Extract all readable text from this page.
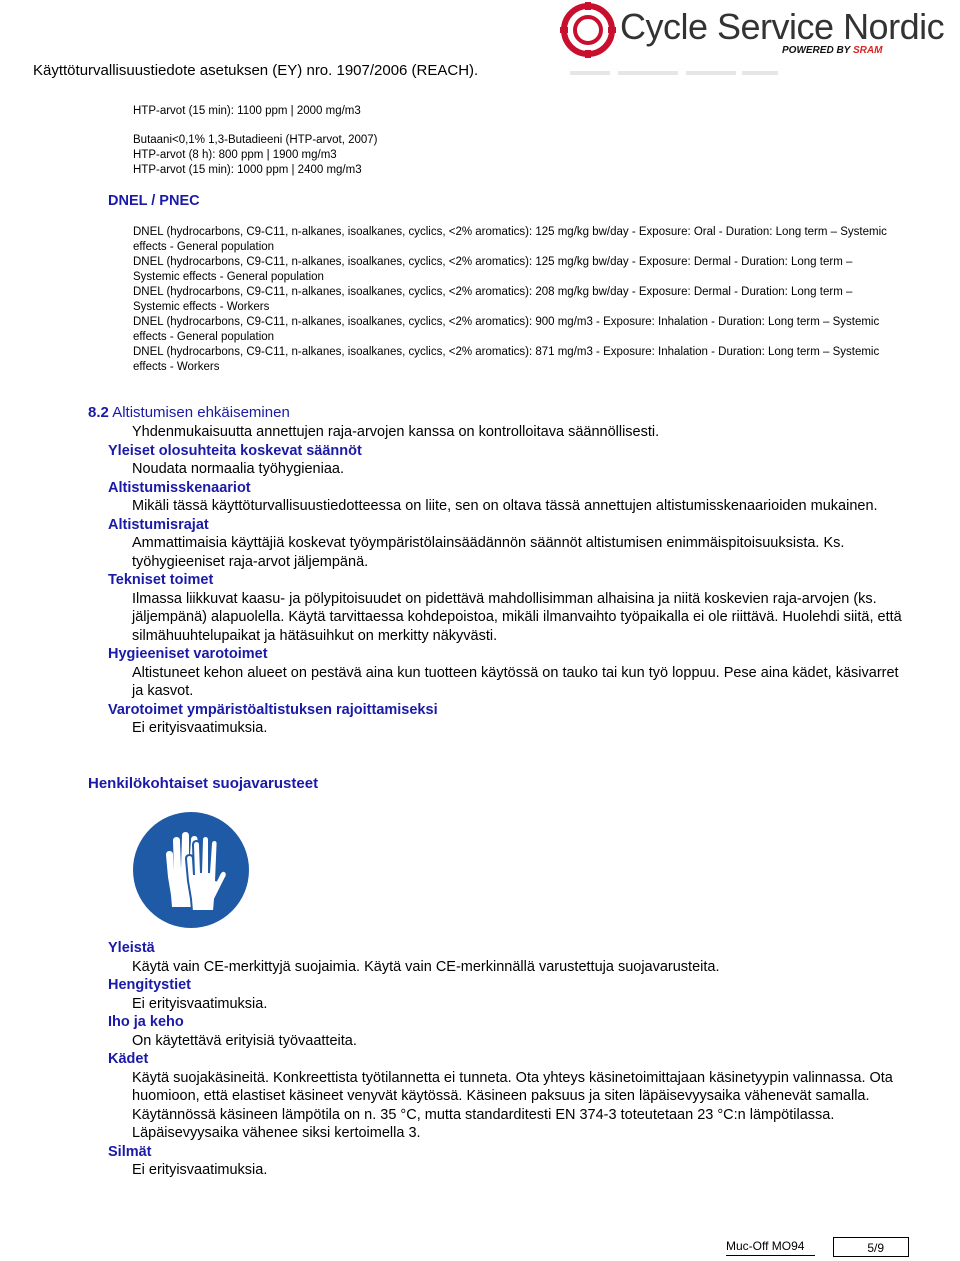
Käyttöturvallisuustiedote asetuksen (EY) nro. 1907/2006 (REACH).
Cycle Service Nordic
POWERED BY SRAM
HTP-arvot (15 min): 1100 ppm | 2000 mg/m3
Butaani<0,1% 1,3-Butadieeni (HTP-arvot, 2007)
HTP-arvot (8 h): 800 ppm | 1900 mg/m3
HTP-arvot (15 min): 1000 ppm | 2400 mg/m3
DNEL / PNEC

DNEL (hydrocarbons, C9-C11, n-alkanes, isoalkanes, cyclics, <2% aromatics): 125 mg/kg bw/day - Exposure: Oral - Duration: Long term – Systemic effects - General population

DNEL (hydrocarbons, C9-C11, n-alkanes, isoalkanes, cyclics, <2% aromatics): 125 mg/kg bw/day - Exposure: Dermal - Duration: Long term – Systemic effects - General population

DNEL (hydrocarbons, C9-C11, n-alkanes, isoalkanes, cyclics, <2% aromatics): 208 mg/kg bw/day - Exposure: Dermal - Duration: Long term – Systemic effects - Workers

DNEL (hydrocarbons, C9-C11, n-alkanes, isoalkanes, cyclics, <2% aromatics): 900 mg/m3 - Exposure: Inhalation - Duration: Long term – Systemic effects - General population

DNEL (hydrocarbons, C9-C11, n-alkanes, isoalkanes, cyclics, <2% aromatics): 871 mg/m3 - Exposure: Inhalation - Duration: Long term – Systemic effects - Workers

8.2 Altistumisen ehkäiseminen

Yhdenmukaisuutta annettujen raja-arvojen kanssa on kontrolloitava säännöllisesti.

Yleiset olosuhteita koskevat säännöt

Noudata normaalia työhygieniaa.

Altistumisskenaariot

Mikäli tässä käyttöturvallisuustiedotteessa on liite, sen on oltava tässä annettujen altistumisskenaarioiden mukainen.

Altistumisrajat

Ammattimaisia käyttäjiä koskevat työympäristölainsäädännön säännöt altistumisen enimmäispitoisuuksista. Ks. työhygieeniset raja-arvot jäljempänä.

Tekniset toimet

Ilmassa liikkuvat kaasu- ja pölypitoisuudet on pidettävä mahdollisimman alhaisina ja niitä koskevien raja-arvojen (ks. jäljempänä) alapuolella. Käytä tarvittaessa kohdepoistoa, mikäli ilmanvaihto työpaikalla ei ole riittävä. Huolehdi siitä, että silmähuuhtelupaikat ja hätäsuihkut on merkitty näkyvästi.

Hygieeniset varotoimet

Altistuneet kehon alueet on pestävä aina kun tuotteen käytössä on tauko tai kun työ loppuu. Pese aina kädet, käsivarret ja kasvot.

Varotoimet ympäristöaltistuksen rajoittamiseksi

Ei erityisvaatimuksia.

Henkilökohtaiset suojavarusteet
Yleistä

Käytä vain CE-merkittyjä suojaimia. Käytä vain CE-merkinnällä varustettuja suojavarusteita.

Hengitystiet

Ei erityisvaatimuksia.

Iho ja keho

On käytettävä erityisiä työvaatteita.

Kädet

Käytä suojakäsineitä. Konkreettista työtilannetta ei tunneta. Ota yhteys käsinetoimittajaan käsinetyypin valinnassa. Ota huomioon, että elastiset käsineet venyvät käytössä. Käsineen paksuus ja siten läpäisevyysaika vähenevät samalla. Käytännössä käsineen lämpötila on n. 35 °C, mutta standarditesti EN 374-3 toteutetaan 23 °C:n lämpötilassa. Läpäisevyysaika vähenee siksi kertoimella 3.

Silmät

Ei erityisvaatimuksia.

Muc-Off MO94	5/9
